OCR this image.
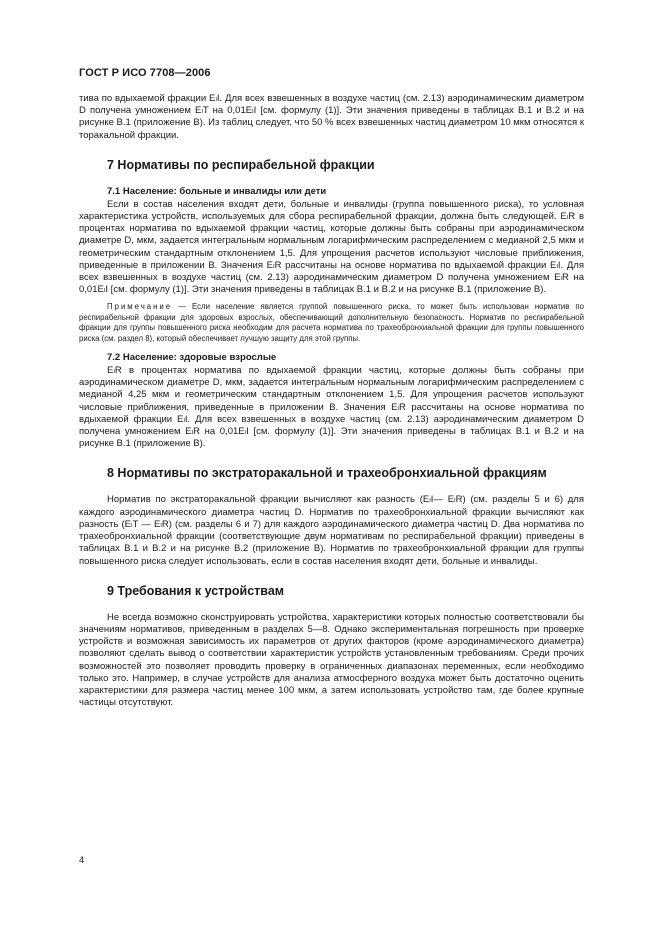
ГОСТ Р ИСО 7708—2006

тива по вдыхаемой фракции EₗI. Для всех взвешенных в воздухе частиц (см. 2.13) аэродинамическим диаметром D получена умножением EₗT на 0,01EₗI [см. формулу (1)]. Эти значения приведены в таблицах В.1 и В.2 и на рисунке В.1 (приложение В). Из таблиц следует, что 50 % всех взвешенных частиц диаметром 10 мкм относятся к торакальной фракции.

7 Нормативы по респирабельной фракции
7.1 Население: больные и инвалиды или дети

Если в состав населения входят дети, больные и инвалиды (группа повышенного риска), то условная характеристика устройств, используемых для сбора респирабельной фракции, должна быть следующей. EₗR в процентах норматива по вдыхаемой фракции частиц, которые должны быть собраны при аэродинамическом диаметре D, мкм, задается интегральным нормальным логарифмическим распределением с медианой 2,5 мкм и геометрическим стандартным отклонением 1,5. Для упрощения расчетов используют числовые приближения, приведенные в приложении В. Значения EₗR рассчитаны на основе норматива по вдыхаемой фракции EₗI. Для всех взвешенных в воздухе частиц (см. 2.13) аэродинамическим диаметром D получена умножением EₗR на 0,01EₗI [см. формулу (1)]. Эти значения приведены в таблицах В.1 и В.2 и на рисунке В.1 (приложение В).

Примечание — Если население является группой повышенного риска, то может быть использован норматив по респирабельной фракции для здоровых взрослых, обеспечивающий дополнительную безопасность. Норматив по респирабельной фракции для группы повышенного риска необходим для расчета норматива по трахеобронхиальной фракции для группы повышенного риска (см. раздел 8), который обеспечивает лучшую защиту для этой группы.

7.2 Население: здоровые взрослые

EₗR в процентах норматива по вдыхаемой фракции частиц, которые должны быть собраны при аэродинамическом диаметре D, мкм, задается интегральным нормальным логарифмическим распределением с медианой 4,25 мкм и геометрическим стандартным отклонением 1,5. Для упрощения расчетов используют числовые приближения, приведенные в приложении В. Значения EₗR рассчитаны на основе норматива по вдыхаемой фракции EₗI. Для всех взвешенных в воздухе частиц (см. 2.13) аэродинамическим диаметром D получена умножением EₗR на 0,01EₗI [см. формулу (1)]. Эти значения приведены в таблицах В.1 и В.2 и на рисунке В.1 (приложение В).

8 Нормативы по экстраторакальной и трахеобронхиальной фракциям

Норматив по экстраторакальной фракции вычисляют как разность (EₗI— EₗR) (см. разделы 5 и 6) для каждого аэродинамического диаметра частиц D. Норматив по трахеобронхиальной фракции вычисляют как разность (EₗT — EₗR) (см. разделы 6 и 7) для каждого аэродинамического диаметра частиц D. Два норматива по трахеобронхиальной фракции (соответствующие двум нормативам по респирабельной фракции) приведены в таблицах В.1 и В.2 и на рисунке В.2 (приложение В). Норматив по трахеобронхиальной фракции для группы повышенного риска следует использовать, если в состав населения входят дети, больные и инвалиды.

9 Требования к устройствам

Не всегда возможно сконструировать устройства, характеристики которых полностью соответствовали бы значениям нормативов, приведенным в разделах 5—8. Однако экспериментальная погрешность при проверке устройств и возможная зависимость их параметров от других факторов (кроме аэродинамического диаметра) позволяют сделать вывод о соответствии характеристик устройств установленным требованиям. Среди прочих возможностей это позволяет проводить проверку в ограниченных диапазонах переменных, если необходимо только это. Например, в случае устройств для анализа атмосферного воздуха может быть достаточно оценить характеристики для размера частиц менее 100 мкм, а затем использовать устройство там, где более крупные частицы отсутствуют.

4
